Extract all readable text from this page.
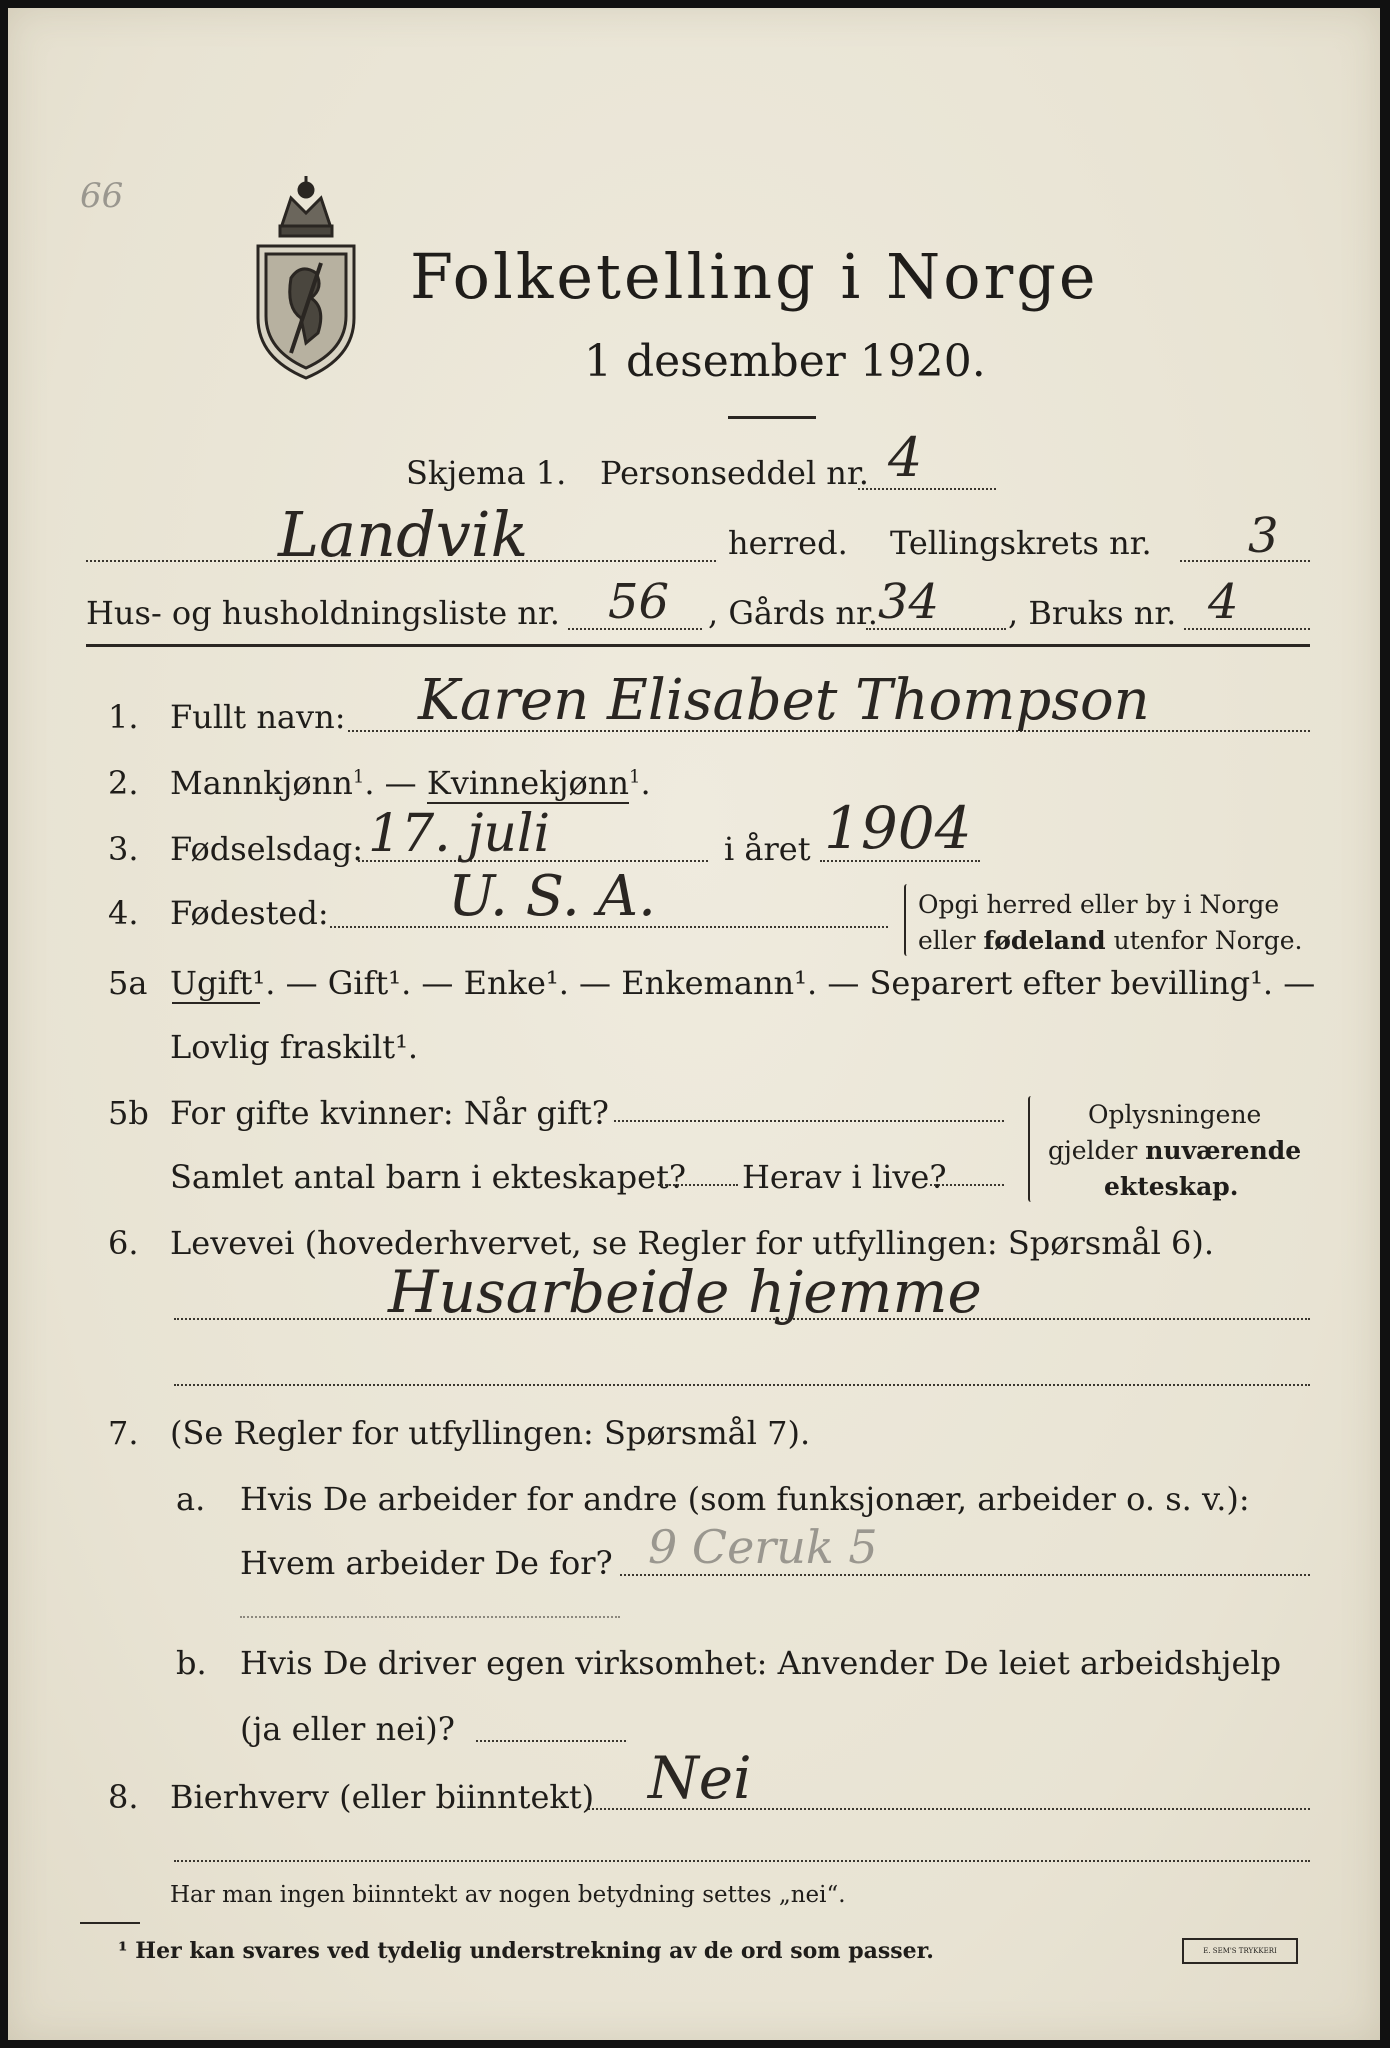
66
Folketelling i Norge
1 desember 1920.
Skjema 1. Personseddel nr. 4
Landvik	herred. Tellingskrets nr. 3
Hus- og husholdningsliste nr. 56 , Gårds nr. 34 , Bruks nr. 4
1. Fullt navn: Karen Elisabet Thompson
2. Mannkjønn$^1$. — Kvinnekjønn$^1$.
3. Fødselsdag: 17. juli	i året 1904
4. Fødested: U. S. A.	Opgi herred eller by i Norge
eller fødeland utenfor Norge.
5a Ugift¹. — Gift¹. — Enke¹. — Enkemann¹. — Separert efter bevilling¹. —
Lovlig fraskilt¹.
5b For gifte kvinner: Når gift?
Samlet antal barn i ekteskapet? Herav i live?
Oplysningene
gjelder nuværende
ekteskap.
6. Levevei (hovederhvervet, se Regler for utfyllingen: Spørsmål 6).
Husarbeide hjemme
7. (Se Regler for utfyllingen: Spørsmål 7).
a. Hvis De arbeider for andre (som funksjonær, arbeider o. s. v.):
Hvem arbeider De for? 9 Ceruk 5
b. Hvis De driver egen virksomhet: Anvender De leiet arbeidshjelp
(ja eller nei)?
8. Bierhverv (eller biinntekt) Nei
Har man ingen biinntekt av nogen betydning settes „nei“.
¹ Her kan svares ved tydelig understrekning av de ord som passer.	E. SEM'S TRYKKERI
